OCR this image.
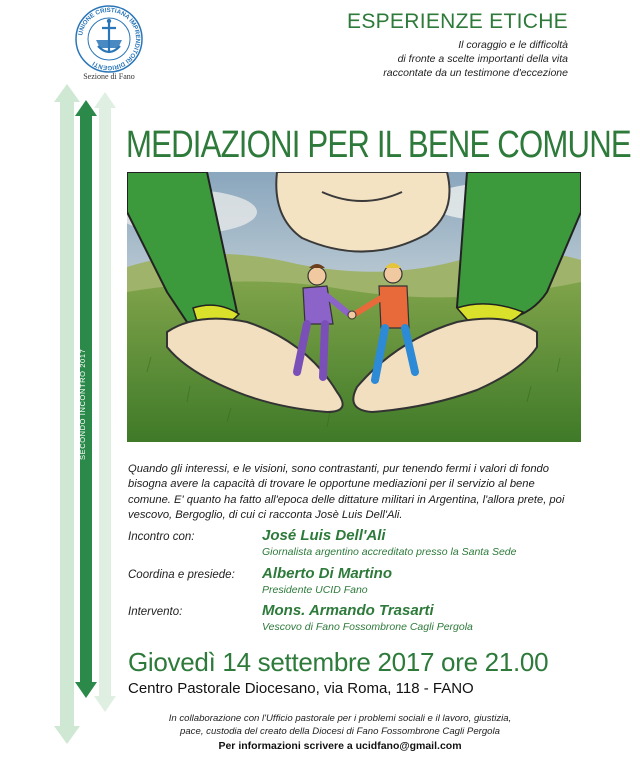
UNIONE CRISTIANA IMPRENDITORI DIRIGENTI
Sezione di Fano
ESPERIENZE ETICHE
Il coraggio e le difficoltà
di fronte a scelte importanti della vita
raccontate da un testimone d'eccezione
SECONDO INCONTRO 2017
MEDIAZIONI PER IL BENE COMUNE
Quando gli interessi, e le visioni, sono contrastanti, pur tenendo fermi i valori di fondo bisogna avere la capacità di trovare le opportune mediazioni per il servizio al bene comune. E' quanto ha fatto all'epoca delle dittature militari in Argentina, l'allora prete, poi vescovo, Bergoglio, di cui ci racconta Josè Luis Dell'Ali.
Incontro con:	José Luis Dell'Ali
Giornalista argentino accreditato presso la Santa Sede
Coordina e presiede: Alberto Di Martino
Presidente UCID Fano
Intervento:	Mons. Armando Trasarti
Vescovo di Fano Fossombrone Cagli Pergola
Giovedì 14 settembre 2017 ore 21.00
Centro Pastorale Diocesano, via Roma, 118 - FANO
In collaborazione con l'Ufficio pastorale per i problemi sociali e il lavoro, giustizia,
pace, custodia del creato della Diocesi di Fano Fossombrone Cagli Pergola
Per informazioni scrivere a ucidfano@gmail.com
